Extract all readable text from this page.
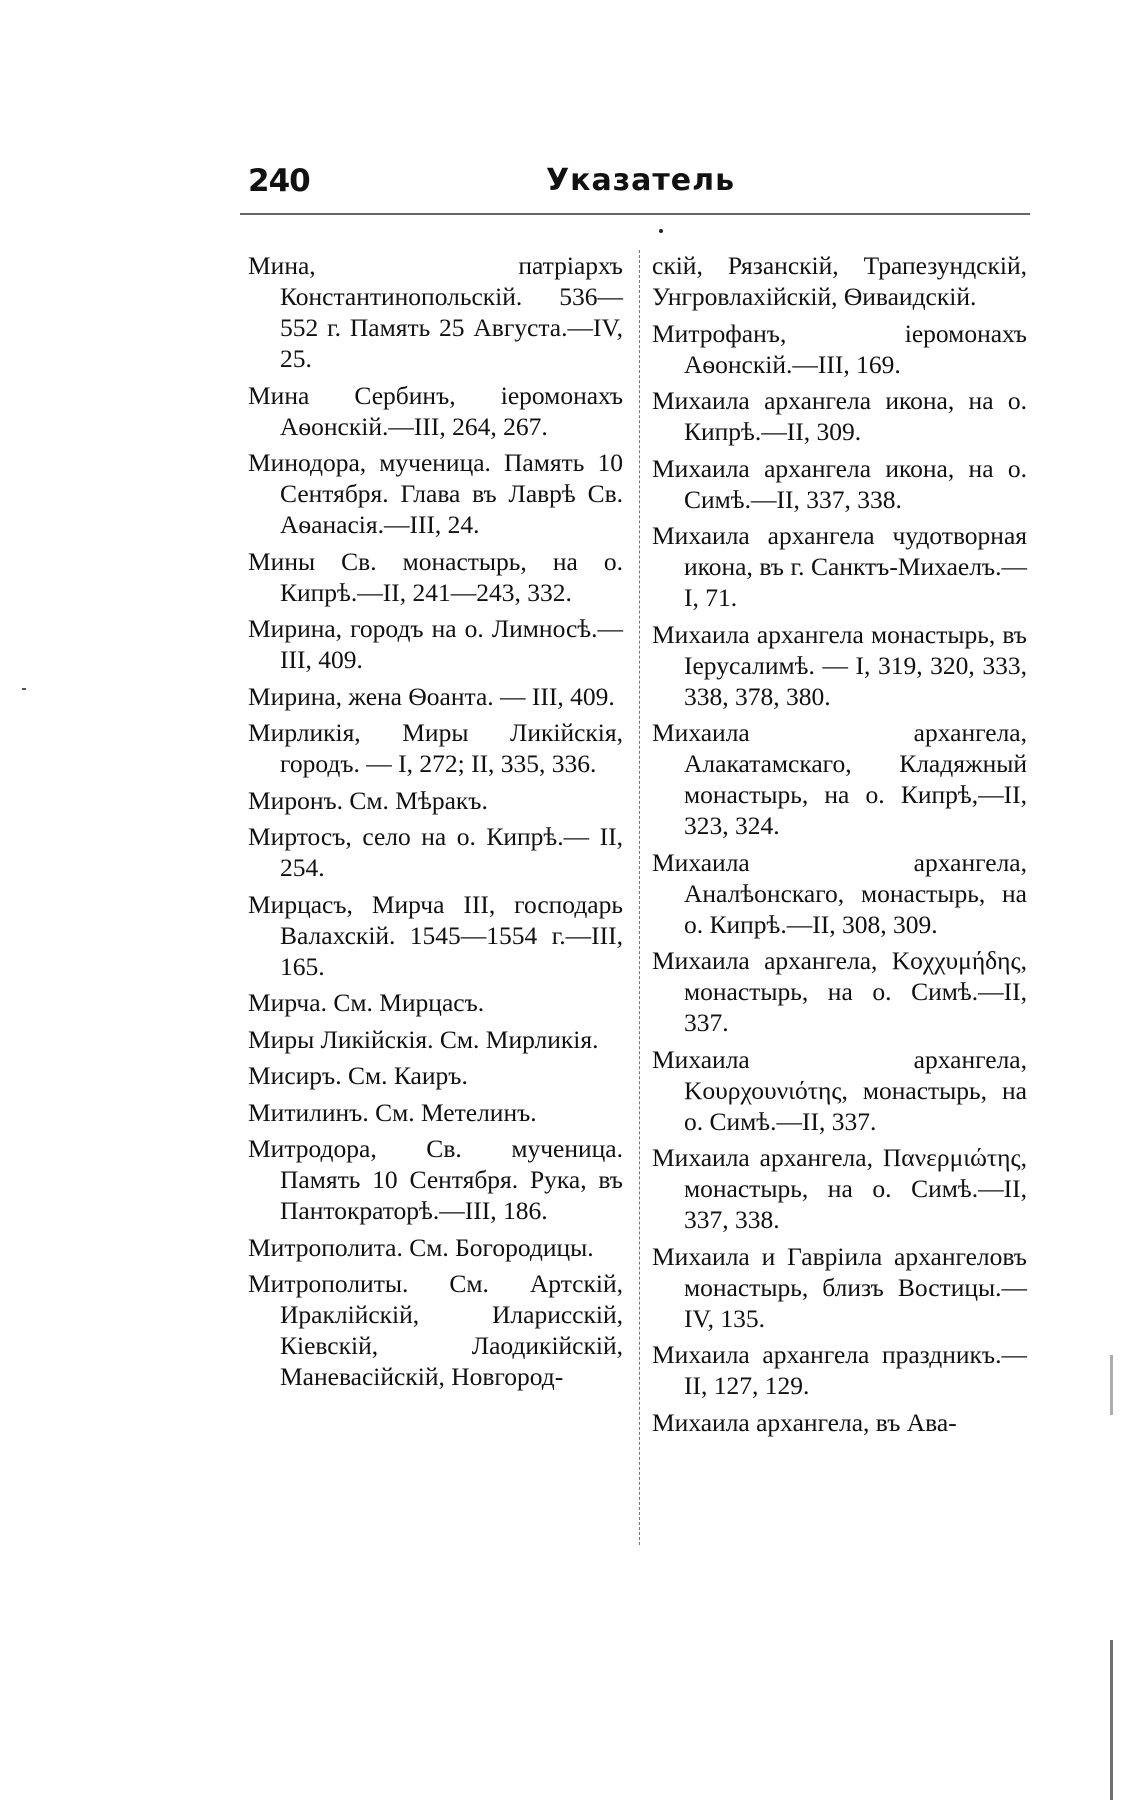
240	Указатель

Мина, патріархъ Константинопольскій. 536—552 г. Память 25 Августа.—IV, 25.

Мина Сербинъ, іеромонахъ Аѳонскій.—III, 264, 267.

Минодора, мученица. Память 10 Сентября. Глава въ Лаврѣ Св. Аѳанасія.—III, 24.

Мины Св. монастырь, на о. Кипрѣ.—II, 241—243, 332.

Мирина, городъ на о. Лимносѣ.—III, 409.

Мирина, жена Ѳоанта. — III, 409.

Мирликія, Миры Ликійскія, городъ. — I, 272; II, 335, 336.

Миронъ. См. Мѣракъ.

Миртосъ, село на о. Кипрѣ.— II, 254.

Мирцасъ, Мирча III, господарь Валахскій. 1545—1554 г.—III, 165.

Мирча. См. Мирцасъ.

Миры Ликійскія. См. Мирликія.

Мисиръ. См. Каиръ.

Митилинъ. См. Метелинъ.

Митродора, Св. мученица. Память 10 Сентября. Рука, въ Пантократорѣ.—III, 186.

Митрополита. См. Богородицы.

Митрополиты. См. Артскій, Ираклійскій, Иларисскій, Кіевскій, Лаодикійскій, Маневасійскій, Новгород-

скій, Рязанскій, Трапезундскій, Унгровлахійскій, Ѳиваидскій.

Митрофанъ, іеромонахъ Аѳонскій.—III, 169.

Михаила архангела икона, на о. Кипрѣ.—II, 309.

Михаила архангела икона, на о. Симѣ.—II, 337, 338.

Михаила архангела чудотворная икона, въ г. Санктъ-Михаелъ.—I, 71.

Михаила архангела монастырь, въ Іерусалимѣ. — I, 319, 320, 333, 338, 378, 380.

Михаила архангела, Алакатамскаго, Кладяжный монастырь, на о. Кипрѣ,—II, 323, 324.

Михаила архангела, Аналѣонскаго, монастырь, на о. Кипрѣ.—II, 308, 309.

Михаила архангела, Κοχχυμήδης, монастырь, на о. Симѣ.—II, 337.

Михаила архангела, Κουρχουνιότης, монастырь, на о. Симѣ.—II, 337.

Михаила архангела, Πανερμιώτης, монастырь, на о. Симѣ.—II, 337, 338.

Михаила и Гавріила архангеловъ монастырь, близъ Востицы.—IV, 135.

Михаила архангела праздникъ.—II, 127, 129.

Михаила архангела, въ Ава-
